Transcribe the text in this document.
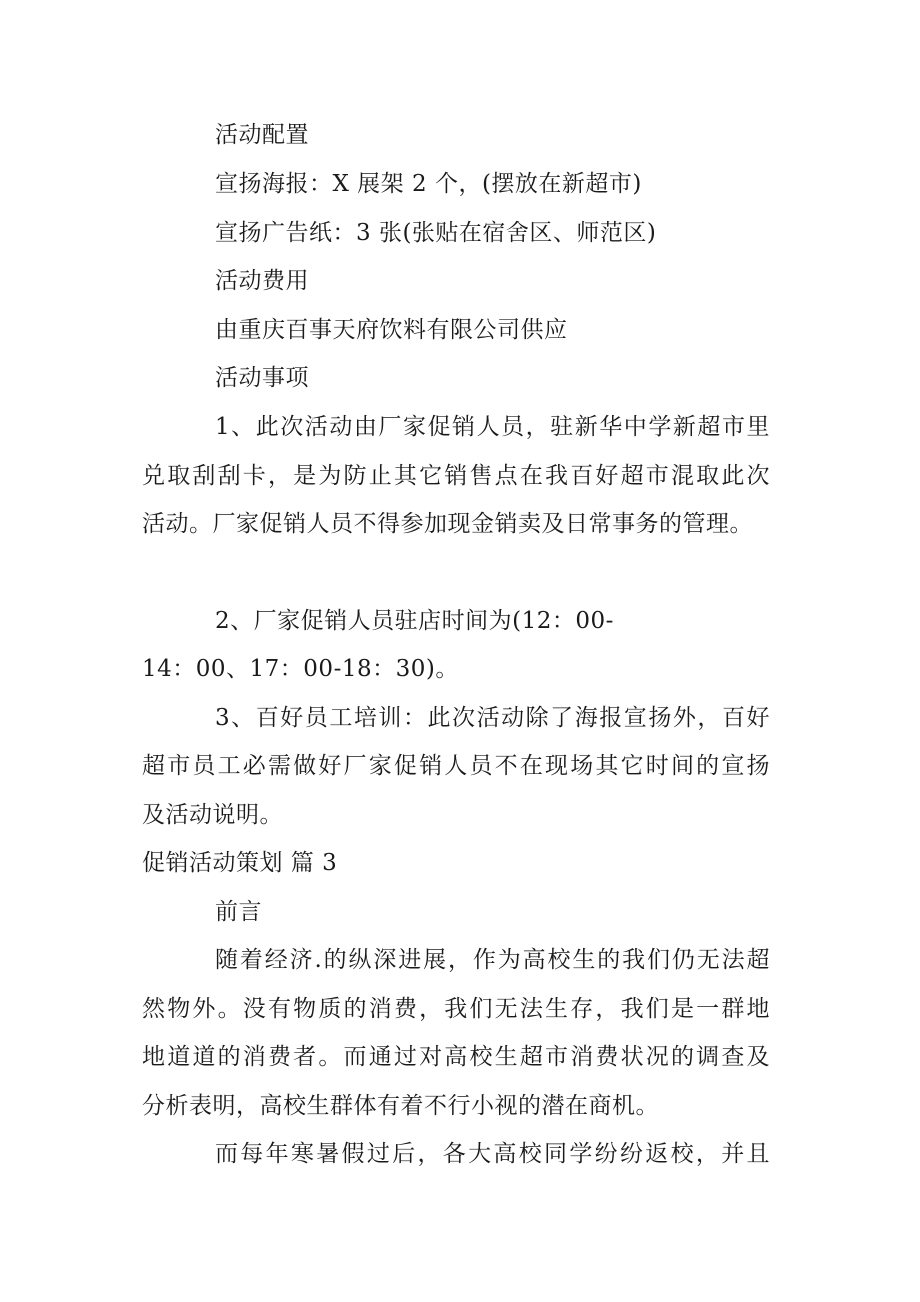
活动配置
宣扬海报：X 展架 2 个，(摆放在新超市)
宣扬广告纸：3 张(张贴在宿舍区、师范区)
活动费用
由重庆百事天府饮料有限公司供应
活动事项
1、此次活动由厂家促销人员，驻新华中学新超市里
兑取刮刮卡，是为防止其它销售点在我百好超市混取此次
活动。厂家促销人员不得参加现金销卖及日常事务的管理。
2、厂家促销人员驻店时间为(12：00-
14：00、17：00-18：30)。
3、百好员工培训：此次活动除了海报宣扬外，百好
超市员工必需做好厂家促销人员不在现场其它时间的宣扬
及活动说明。
促销活动策划 篇 3
前言
随着经济.的纵深进展，作为高校生的我们仍无法超
然物外。没有物质的消费，我们无法生存，我们是一群地
地道道的消费者。而通过对高校生超市消费状况的调查及
分析表明，高校生群体有着不行小视的潜在商机。
而每年寒暑假过后，各大高校同学纷纷返校，并且
